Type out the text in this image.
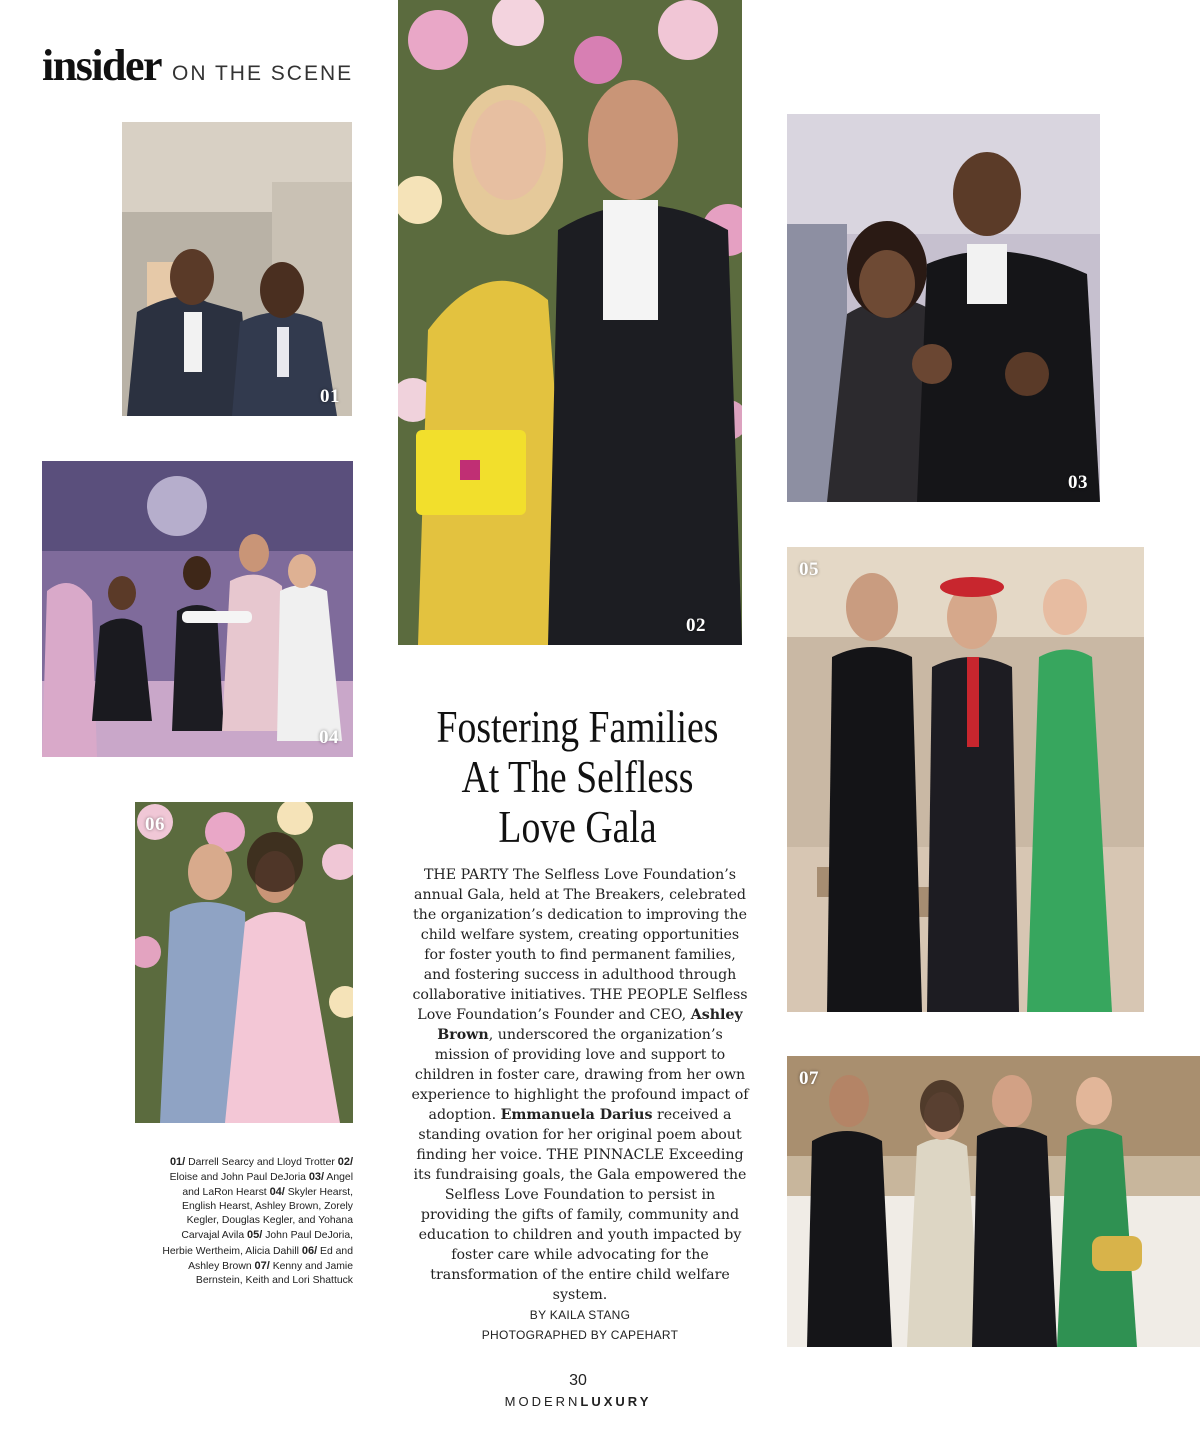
insider ON THE SCENE
01
02
03
04
05
06
07
Fostering Families
At The Selfless
Love Gala
THE PARTY The Selfless Love Foundation’s annual Gala, held at The Breakers, celebrated the organization’s dedication to improving the child welfare system, creating opportunities for foster youth to find permanent families, and fostering success in adulthood through collaborative initiatives. THE PEOPLE Selfless Love Foundation’s Founder and CEO, Ashley Brown, underscored the organization’s mission of providing love and support to children in foster care, drawing from her own experience to highlight the profound impact of adoption. Emmanuela Darius received a standing ovation for her original poem about finding her voice. THE PINNACLE Exceeding its fundraising goals, the Gala empowered the Selfless Love Foundation to persist in providing the gifts of family, community and education to children and youth impacted by foster care while advocating for the transformation of the entire child welfare system.
BY KAILA STANG
PHOTOGRAPHED BY CAPEHART
01/ Darrell Searcy and Lloyd Trotter 02/ Eloise and John Paul DeJoria 03/ Angel and LaRon Hearst 04/ Skyler Hearst, English Hearst, Ashley Brown, Zorely Kegler, Douglas Kegler, and Yohana Carvajal Avila 05/ John Paul DeJoria, Herbie Wertheim, Alicia Dahill 06/ Ed and Ashley Brown 07/ Kenny and Jamie Bernstein, Keith and Lori Shattuck
30
MODERNLUXURY
